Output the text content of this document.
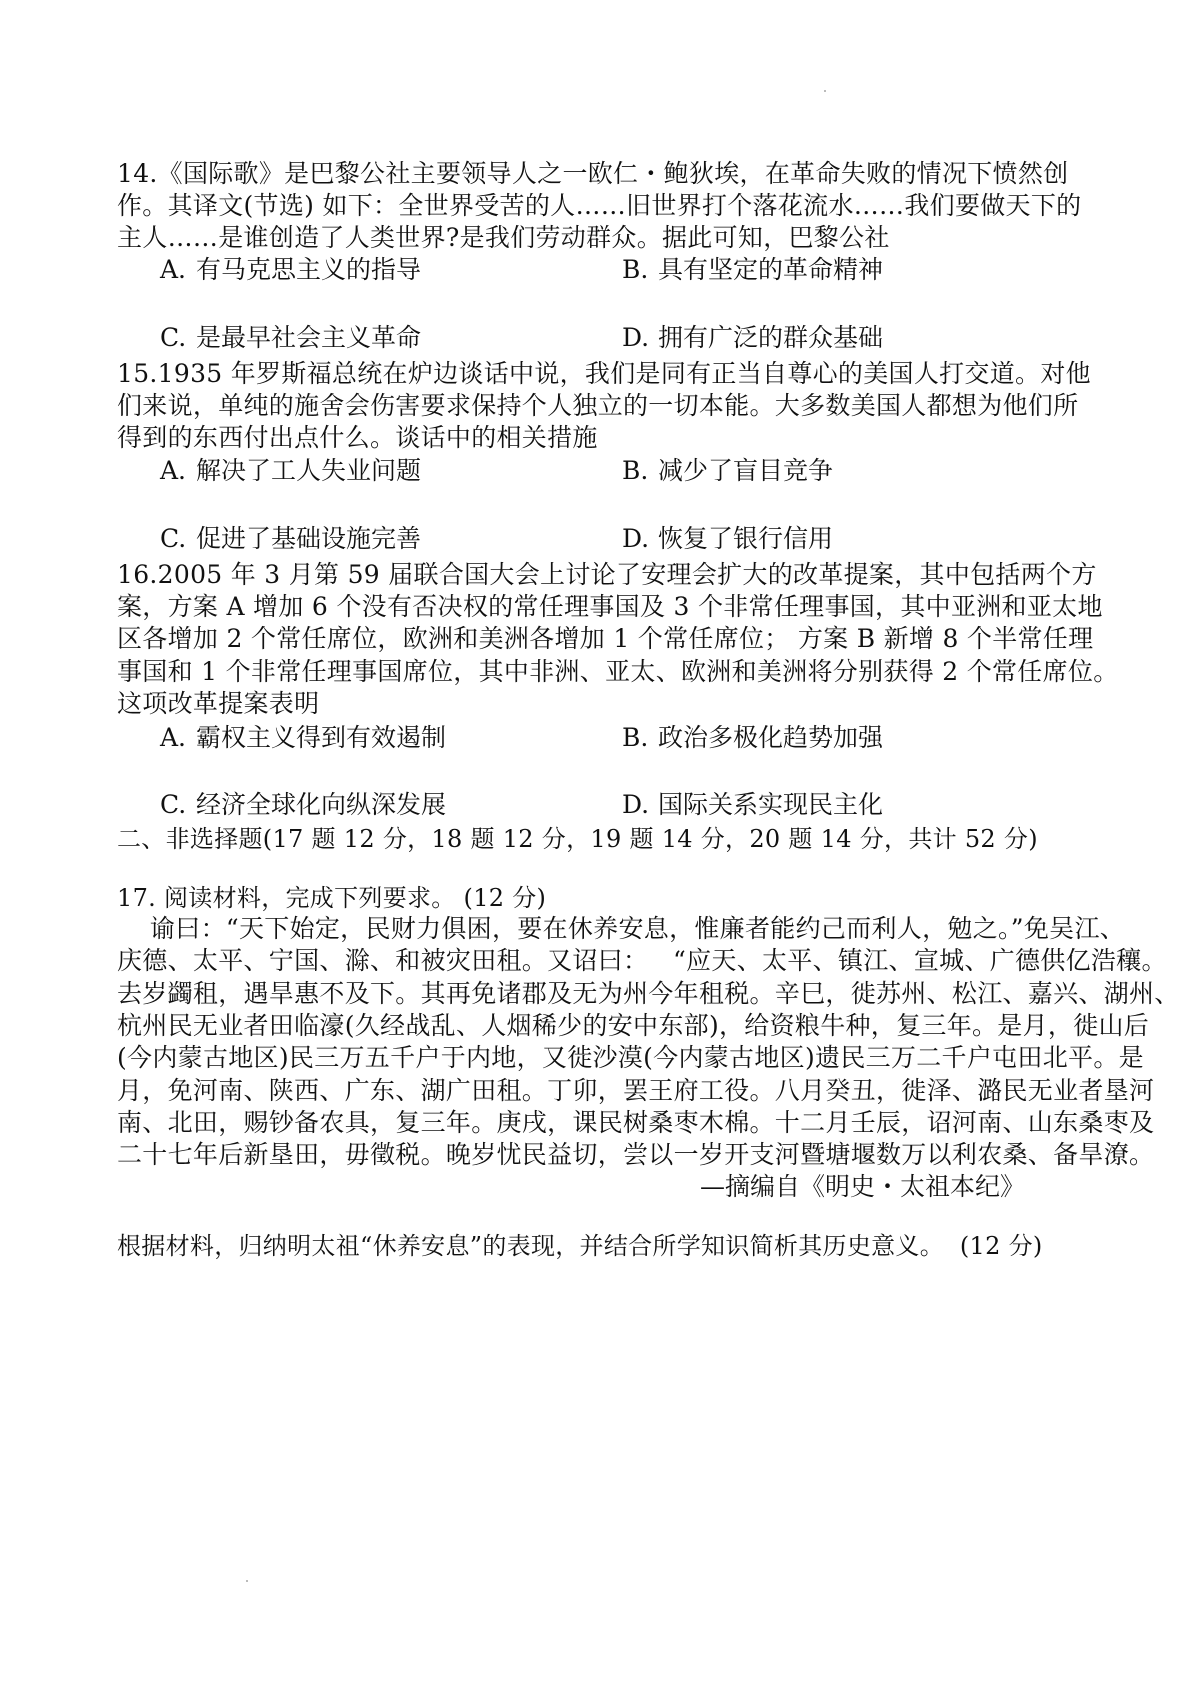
14.《国际歌》是巴黎公社主要领导人之一欧仁・鲍狄埃，在革命失败的情况下愤然创
作。其译文(节选) 如下：全世界受苦的人……旧世界打个落花流水……我们要做天下的
主人……是谁创造了人类世界?是我们劳动群众。据此可知，巴黎公社
A. 有马克思主义的指导	B. 具有坚定的革命精神
C. 是最早社会主义革命	D. 拥有广泛的群众基础
15.1935 年罗斯福总统在炉边谈话中说，我们是同有正当自尊心的美国人打交道。对他
们来说，单纯的施舍会伤害要求保持个人独立的一切本能。大多数美国人都想为他们所
得到的东西付出点什么。谈话中的相关措施
A. 解决了工人失业问题	B. 减少了盲目竞争
C. 促进了基础设施完善	D. 恢复了银行信用
16.2005 年 3 月第 59 届联合国大会上讨论了安理会扩大的改革提案，其中包括两个方
案，方案 A 增加 6 个没有否决权的常任理事国及 3 个非常任理事国，其中亚洲和亚太地
区各增加 2 个常任席位，欧洲和美洲各增加 1 个常任席位； 方案 B 新增 8 个半常任理
事国和 1 个非常任理事国席位，其中非洲、亚太、欧洲和美洲将分别获得 2 个常任席位。
这项改革提案表明
A. 霸权主义得到有效遏制	B. 政治多极化趋势加强
C. 经济全球化向纵深发展	D. 国际关系实现民主化
二、非选择题(17 题 12 分，18 题 12 分，19 题 14 分，20 题 14 分，共计 52 分)
17. 阅读材料，完成下列要求。 (12 分)
谕曰：“天下始定，民财力俱困，要在休养安息，惟廉者能约己而利人，勉之。”免吴江、
庆德、太平、宁国、滁、和被灾田租。又诏曰：   “应天、太平、镇江、宣城、广德供亿浩穰。
去岁蠲租，遇旱惠不及下。其再免诸郡及无为州今年租税。辛巳，徙苏州、松江、嘉兴、湖州、
杭州民无业者田临濠(久经战乱、人烟稀少的安中东部)，给资粮牛种，复三年。是月，徙山后
(今内蒙古地区)民三万五千户于内地，又徙沙漠(今内蒙古地区)遗民三万二千户屯田北平。是
月，免河南、陕西、广东、湖广田租。丁卯，罢王府工役。八月癸丑，徙泽、潞民无业者垦河
南、北田，赐钞备农具，复三年。庚戌，课民树桑枣木棉。十二月壬辰，诏河南、山东桑枣及
二十七年后新垦田，毋徵税。晚岁忧民益切，尝以一岁开支河暨塘堰数万以利农桑、备旱潦。
—摘编自《明史・太祖本纪》
根据材料，归纳明太祖“休养安息”的表现，并结合所学知识简析其历史意义。  (12 分)
